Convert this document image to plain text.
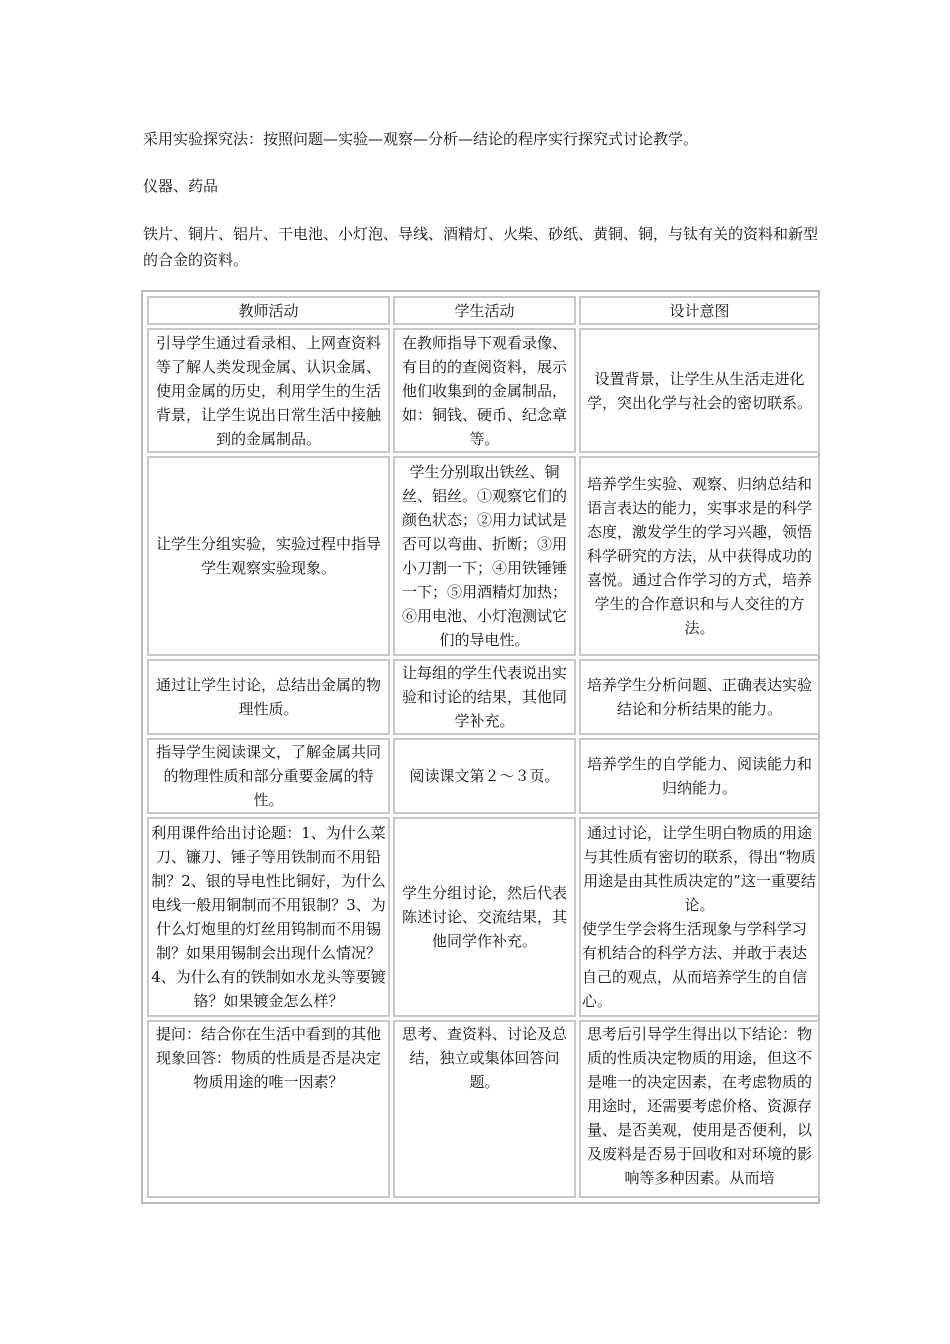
采用实验探究法：按照问题—实验—观察—分析—结论的程序实行探究式讨论教学。

仪器、药品

铁片、铜片、铝片、干电池、小灯泡、导线、酒精灯、火柴、砂纸、黄铜、铜，与钛有关的资料和新型的合金的资料。

教师活动	学生活动	设计意图
引导学生通过看录相、上网查资料等了解人类发现金属、认识金属、使用金属的历史，利用学生的生活背景，让学生说出日常生活中接触到的金属制品。	在教师指导下观看录像、有目的的查阅资料，展示他们收集到的金属制品，如：铜钱、硬币、纪念章等。	设置背景，让学生从生活走进化学，突出化学与社会的密切联系。
让学生分组实验，实验过程中指导学生观察实验现象。	学生分别取出铁丝、铜丝、铝丝。①观察它们的颜色状态；②用力试试是否可以弯曲、折断；③用小刀割一下；④用铁锤锤一下；⑤用酒精灯加热；⑥用电池、小灯泡测试它们的导电性。	培养学生实验、观察、归纳总结和语言表达的能力，实事求是的科学态度，激发学生的学习兴趣，领悟科学研究的方法，从中获得成功的喜悦。通过合作学习的方式，培养学生的合作意识和与人交往的方法。
通过让学生讨论，总结出金属的物理性质。	让每组的学生代表说出实验和讨论的结果，其他同学补充。	培养学生分析问题、正确表达实验结论和分析结果的能力。
指导学生阅读课文，了解金属共同的物理性质和部分重要金属的特性。	阅读课文第２～３页。	培养学生的自学能力、阅读能力和归纳能力。
利用课件给出讨论题：1、为什么菜刀、镰刀、锤子等用铁制而不用铅制？2、银的导电性比铜好，为什么电线一般用铜制而不用银制？3、为什么灯炮里的灯丝用钨制而不用锡制？如果用锡制会出现什么情况？4、为什么有的铁制如水龙头等要镀铬？如果镀金怎么样？	学生分组讨论，然后代表陈述讨论、交流结果，其他同学作补充。	通过讨论，让学生明白物质的用途与其性质有密切的联系，得出“物质用途是由其性质决定的”这一重要结论。
使学生学会将生活现象与学科学习有机结合的科学方法、并敢于表达自己的观点，从而培养学生的自信心。

提问：结合你在生活中看到的其他现象回答：物质的性质是否是决定物质用途的唯一因素？	思考、查资料、讨论及总结，独立或集体回答问题。	思考后引导学生得出以下结论：物质的性质决定物质的用途，但这不是唯一的决定因素，在考虑物质的用途时，还需要考虑价格、资源存量、是否美观，使用是否便利，以及废料是否易于回收和对环境的影响等多种因素。从而培
